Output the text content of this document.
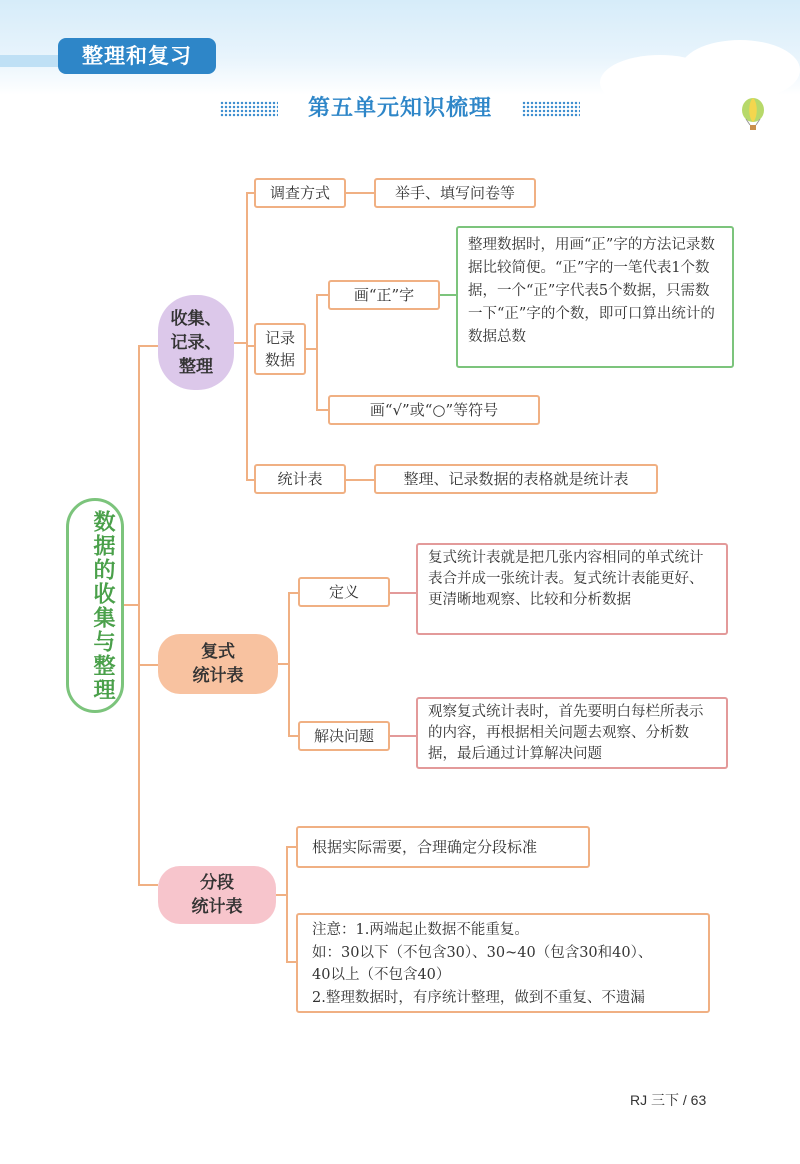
整理和复习
第五单元知识梳理
数据的收集与整理
收集、
记录、
整理
调查方式	举手、填写问卷等
记录
数据
画“正”字
整理数据时，用画“正”字的方法记录数据比较简便。“正”字的一笔代表1个数据，一个“正”字代表5个数据，只需数一下“正”字的个数，即可口算出统计的数据总数
画“√”或“○”等符号
统计表	整理、记录数据的表格就是统计表
复式
统计表
定义
复式统计表就是把几张内容相同的单式统计表合并成一张统计表。复式统计表能更好、更清晰地观察、比较和分析数据
解决问题
观察复式统计表时，首先要明白每栏所表示的内容，再根据相关问题去观察、分析数据，最后通过计算解决问题
分段
统计表
根据实际需要，合理确定分段标准
注意：1.两端起止数据不能重复。
如：30以下（不包含30）、30~40（包含30和40）、
40以上（不包含40）
2.整理数据时，有序统计整理，做到不重复、不遗漏
RJ 三下 / 63
